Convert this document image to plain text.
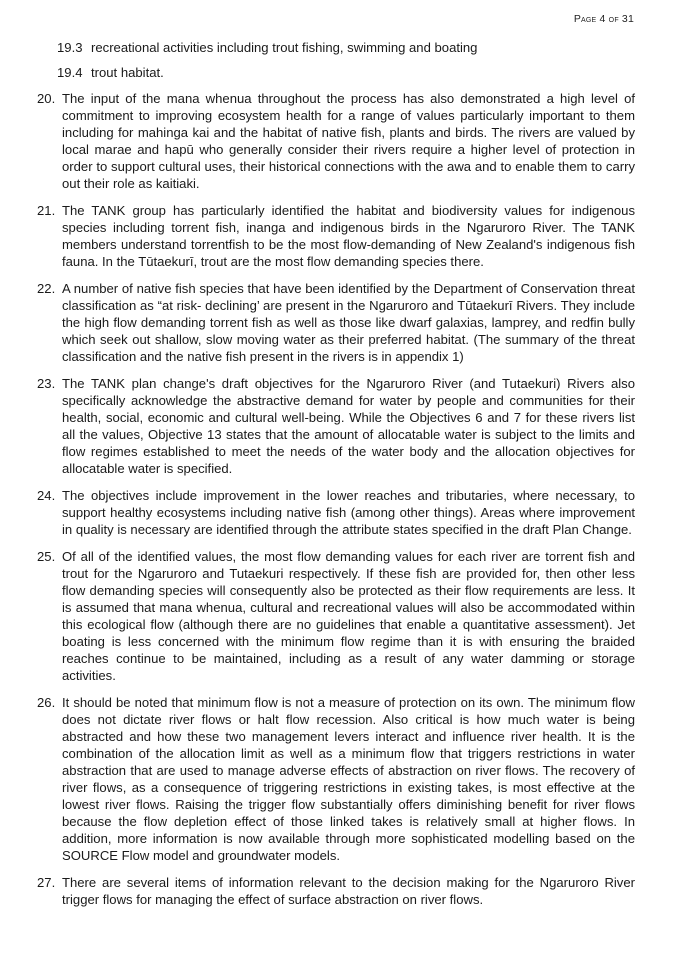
Page 4 of 31
19.3 recreational activities including trout fishing, swimming and boating
19.4 trout habitat.
20. The input of the mana whenua throughout the process has also demonstrated a high level of commitment to improving ecosystem health for a range of values particularly important to them including for mahinga kai and the habitat of native fish, plants and birds. The rivers are valued by local marae and hapū who generally consider their rivers require a higher level of protection in order to support cultural uses, their historical connections with the awa and to enable them to carry out their role as kaitiaki.
21. The TANK group has particularly identified the habitat and biodiversity values for indigenous species including torrent fish, inanga and indigenous birds in the Ngaruroro River. The TANK members understand torrentfish to be the most flow-demanding of New Zealand's indigenous fish fauna. In the Tūtaekurī, trout are the most flow demanding species there.
22. A number of native fish species that have been identified by the Department of Conservation threat classification as “at risk- declining’ are present in the Ngaruroro and Tūtaekurī Rivers. They include the high flow demanding torrent fish as well as those like dwarf galaxias, lamprey, and redfin bully which seek out shallow, slow moving water as their preferred habitat. (The summary of the threat classification and the native fish present in the rivers is in appendix 1)
23. The TANK plan change's draft objectives for the Ngaruroro River (and Tutaekuri) Rivers also specifically acknowledge the abstractive demand for water by people and communities for their health, social, economic and cultural well-being. While the Objectives 6 and 7 for these rivers list all the values, Objective 13 states that the amount of allocatable water is subject to the limits and flow regimes established to meet the needs of the water body and the allocation objectives for allocatable water is specified.
24. The objectives include improvement in the lower reaches and tributaries, where necessary, to support healthy ecosystems including native fish (among other things). Areas where improvement in quality is necessary are identified through the attribute states specified in the draft Plan Change.
25. Of all of the identified values, the most flow demanding values for each river are torrent fish and trout for the Ngaruroro and Tutaekuri respectively. If these fish are provided for, then other less flow demanding species will consequently also be protected as their flow requirements are less. It is assumed that mana whenua, cultural and recreational values will also be accommodated within this ecological flow (although there are no guidelines that enable a quantitative assessment). Jet boating is less concerned with the minimum flow regime than it is with ensuring the braided reaches continue to be maintained, including as a result of any water damming or storage activities.
26. It should be noted that minimum flow is not a measure of protection on its own. The minimum flow does not dictate river flows or halt flow recession. Also critical is how much water is being abstracted and how these two management levers interact and influence river health. It is the combination of the allocation limit as well as a minimum flow that triggers restrictions in water abstraction that are used to manage adverse effects of abstraction on river flows. The recovery of river flows, as a consequence of triggering restrictions in existing takes, is most effective at the lowest river flows. Raising the trigger flow substantially offers diminishing benefit for river flows because the flow depletion effect of those linked takes is relatively small at higher flows. In addition, more information is now available through more sophisticated modelling based on the SOURCE Flow model and groundwater models.
27. There are several items of information relevant to the decision making for the Ngaruroro River trigger flows for managing the effect of surface abstraction on river flows.
